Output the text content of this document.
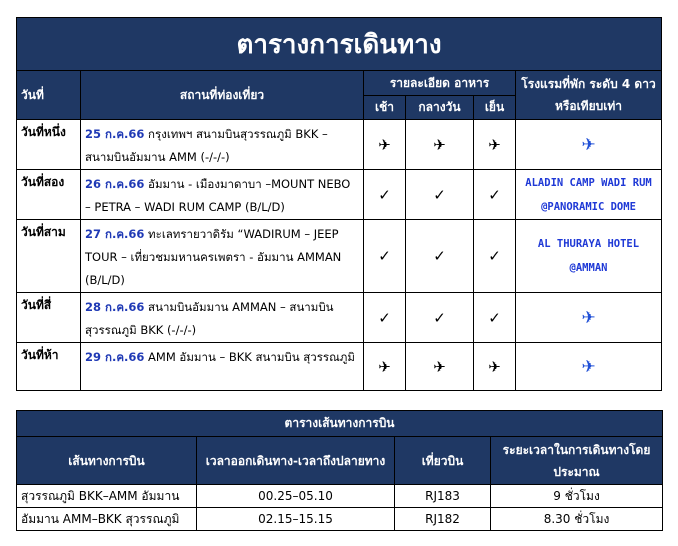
ตารางการเดินทาง					
วันที่	สถานที่ท่องเที่ยว	รายละเอียด อาหาร			โรงแรมที่พัก ระดับ 4 ดาว หรือเทียบเท่า
		เช้า	กลางวัน	เย็น	
วันที่หนึ่ง	25 ก.ค.66 กรุงเทพฯ สนามบินสุวรรณภูมิ BKK – สนามบินอัมมาน AMM (-/-/-)	✈	✈	✈	✈
วันที่สอง	26 ก.ค.66 อัมมาน - เมืองมาดาบา –MOUNT NEBO – PETRA – WADI RUM CAMP (B/L/D)	✓	✓	✓	ALADIN CAMP WADI RUM @PANORAMIC DOME
วันที่สาม	27 ก.ค.66 ทะเลทรายวาดิรัม “WADIRUM – JEEP TOUR – เที่ยวชมมหานครเพตรา - อัมมาน AMMAN (B/L/D)	✓	✓	✓	AL THURAYA HOTEL @AMMAN
วันที่สี่	28 ก.ค.66 สนามบินอัมมาน AMMAN – สนามบินสุวรรณภูมิ BKK (-/-/-)	✓	✓	✓	✈
วันที่ห้า	29 ก.ค.66 AMM อัมมาน – BKK สนามบิน สุวรรณภูมิ	✈	✈	✈	✈
ตารางเส้นทางการบิน			
เส้นทางการบิน	เวลาออกเดินทาง-เวลาถึงปลายทาง	เที่ยวบิน	ระยะเวลาในการเดินทางโดยประมาณ
สุวรรณภูมิ BKK–AMM อัมมาน	00.25–05.10	RJ183	9 ชั่วโมง
อัมมาน AMM–BKK สุวรรณภูมิ	02.15–15.15	RJ182	8.30 ชั่วโมง
